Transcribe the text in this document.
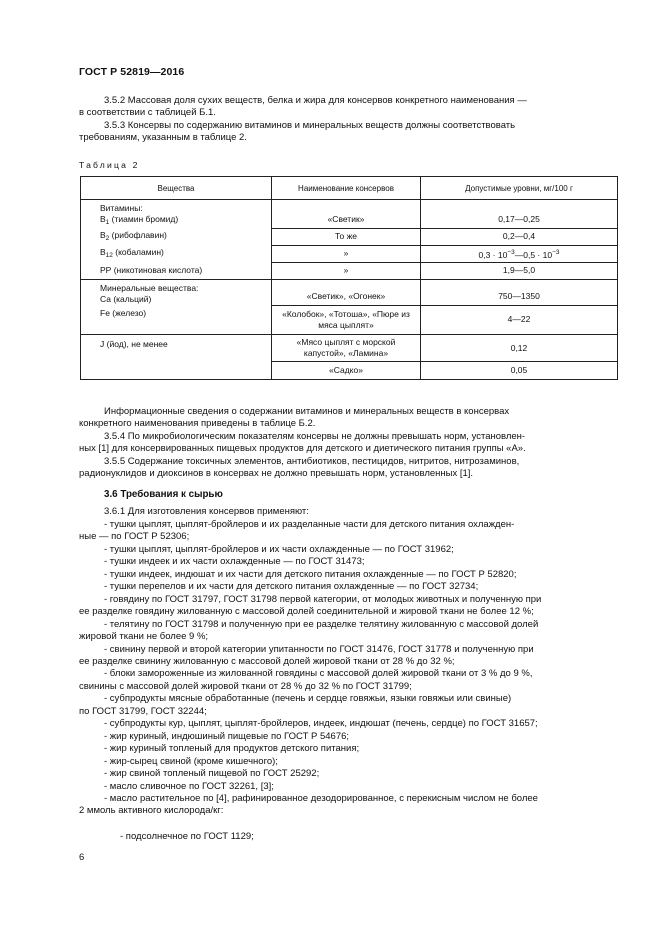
ГОСТ Р 52819—2016

3.5.2 Массовая доля сухих веществ, белка и жира для консервов конкретного наименования —
в соответствии с таблицей Б.1.

3.5.3 Консервы по содержанию витаминов и минеральных веществ должны соответствовать
требованиям, указанным в таблице 2.

Таблица 2
Вещества	Наименование консервов	Допустимые уровни, мг/100 г

Витамины:
$В_1$ (тиамин бромид)	«Светик»	0,17—0,25
$В_2$ (рибофлавин)	То же	0,2—0,4
$В_{12}$ (кобаламин)	»	$0,3 \cdot 10^{-3}—0,5 \cdot 10^{-3}$
РР (никотиновая кислота)	»	1,9—5,0

Минеральные вещества:
Са (кальций)	«Светик», «Огонек»	750—1350
Fe (железо)	«Колобок», «Тотоша», «Пюре из мяса цыплят»	4—22
J (йод), не менее	«Мясо цыплят с морской капустой», «Ламина»	0,12
	«Садко»	0,05

Информационные сведения о содержании витаминов и минеральных веществ в консервах
конкретного наименования приведены в таблице Б.2.

3.5.4 По микробиологическим показателям консервы не должны превышать норм, установлен-
ных [1] для консервированных пищевых продуктов для детского и диетического питания группы «А».

3.5.5 Содержание токсичных элементов, антибиотиков, пестицидов, нитритов, нитрозаминов,
радионуклидов и диоксинов в консервах не должно превышать норм, установленных [1].

3.6 Требования к сырью

3.6.1 Для изготовления консервов применяют:

- тушки цыплят, цыплят-бройлеров и их разделанные части для детского питания охлажден-
ные — по ГОСТ Р 52306;
- тушки цыплят, цыплят-бройлеров и их части охлажденные — по ГОСТ 31962;
- тушки индеек и их части охлажденные — по ГОСТ 31473;
- тушки индеек, индюшат и их части для детского питания охлажденные — по ГОСТ Р 52820;
- тушки перепелов и их части для детского питания охлажденные — по ГОСТ 32734;
- говядину по ГОСТ 31797, ГОСТ 31798 первой категории, от молодых животных и полученную при
ее разделке говядину жилованную с массовой долей соединительной и жировой ткани не более 12 %;
- телятину по ГОСТ 31798 и полученную при ее разделке телятину жилованную с массовой долей
жировой ткани не более 9 %;
- свинину первой и второй категории упитанности по ГОСТ 31476, ГОСТ 31778 и полученную при
ее разделке свинину жилованную с массовой долей жировой ткани от 28 % до 32 %;
- блоки замороженные из жилованной говядины с массовой долей жировой ткани от 3 % до 9 %,
свинины с массовой долей жировой ткани от 28 % до 32 % по ГОСТ 31799;
- субпродукты мясные обработанные (печень и сердце говяжьи, языки говяжьи или свиные)
по ГОСТ 31799, ГОСТ 32244;
- субпродукты кур, цыплят, цыплят-бройлеров, индеек, индюшат (печень, сердце) по ГОСТ 31657;
- жир куриный, индюшиный пищевые по ГОСТ Р 54676;
- жир куриный топленый для продуктов детского питания;
- жир-сырец свиной (кроме кишечного);
- жир свиной топленый пищевой по ГОСТ 25292;
- масло сливочное по ГОСТ 32261, [3];
- масло растительное по [4], рафинированное дезодорированное, с перекисным числом не более
2 ммоль активного кислорода/кг:
- подсолнечное по ГОСТ 1129;
6
